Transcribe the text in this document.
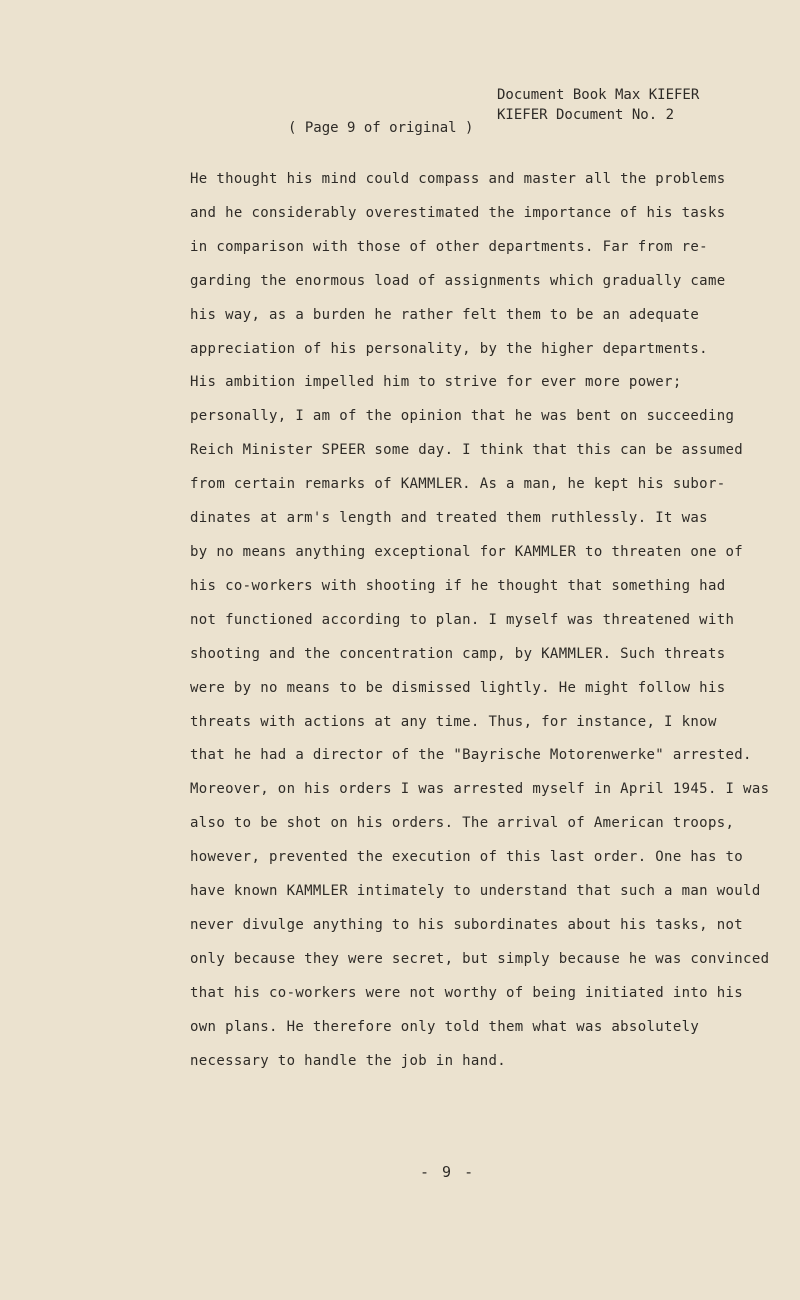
Document Book Max KIEFER
KIEFER Document No. 2
( Page 9 of original )
He thought his mind could compass and master all the problems
and he considerably overestimated the importance of his tasks
in comparison with those of other departments. Far from re-
garding the enormous load of assignments which gradually came
his way, as a burden he rather felt them to be an adequate
appreciation of his personality, by the higher departments.
His ambition impelled him to strive for ever more power;
personally, I am of the opinion that he was bent on succeeding
Reich Minister SPEER some day. I think that this can be assumed
from certain remarks of KAMMLER. As a man, he kept his subor-
dinates at arm's length and treated them ruthlessly. It was
by no means anything exceptional for KAMMLER to threaten one of
his co-workers with shooting if he thought that something had
not functioned according to plan. I myself was threatened with
shooting and the concentration camp, by KAMMLER. Such threats
were by no means to be dismissed lightly. He might follow his
threats with actions at any time. Thus, for instance, I know
that he had a director of the "Bayrische Motorenwerke" arrested.
Moreover, on his orders I was arrested myself in April 1945. I was
also to be shot on his orders. The arrival of American troops,
however, prevented the execution of this last order. One has to
have known KAMMLER intimately to understand that such a man would
never divulge anything to his subordinates about his tasks, not
only because they were secret, but simply because he was convinced
that his co-workers were not worthy of being initiated into his
own plans. He therefore only told them what was absolutely
necessary to handle the job in hand.
- 9 -
